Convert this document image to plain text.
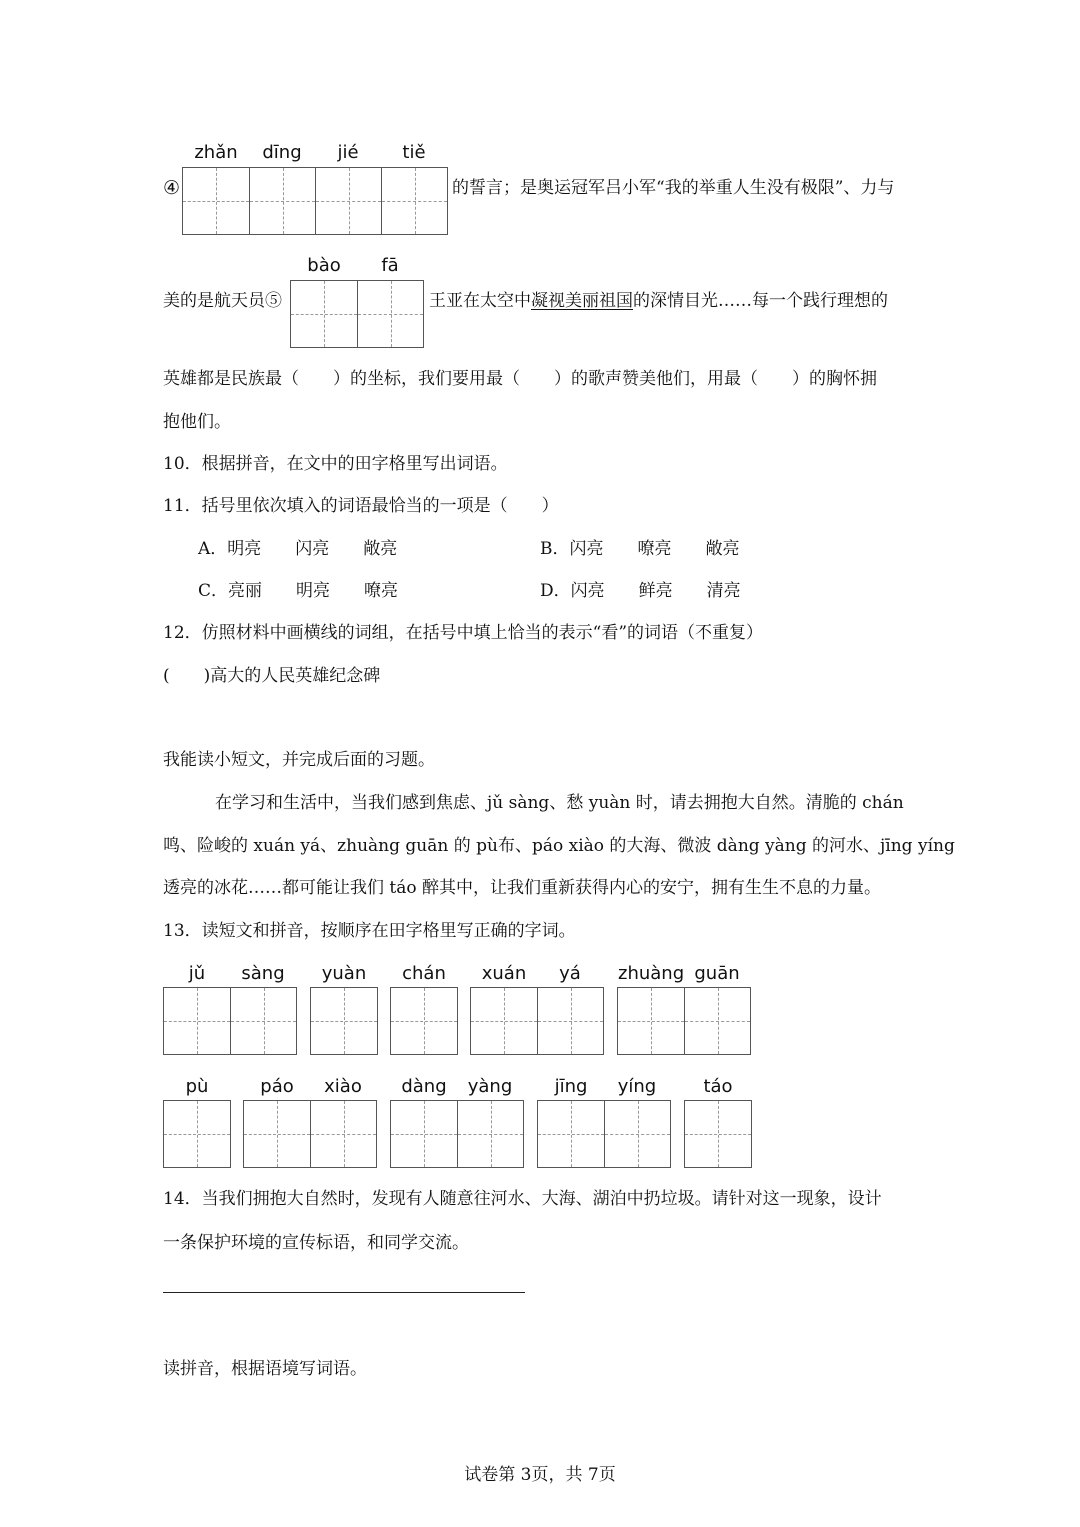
④
zhǎn	dīng	jié	tiě
的誓言；是奥运冠军吕小军“我的举重人生没有极限”、力与
美的是航天员⑤
bào	fā
王亚在太空中凝视美丽祖国的深情目光……每一个践行理想的
英雄都是民族最（　　）的坐标，我们要用最（　　）的歌声赞美他们，用最（　　）的胸怀拥
抱他们。
10．根据拼音，在文中的田字格里写出词语。
11．括号里依次填入的词语最恰当的一项是（　　）
A．明亮 闪亮 敞亮	B．闪亮 嘹亮 敞亮
C．亮丽 明亮 嘹亮	D．闪亮 鲜亮 清亮
12．仿照材料中画横线的词组，在括号中填上恰当的表示“看”的词语（不重复）
(　　)高大的人民英雄纪念碑
我能读小短文，并完成后面的习题。
在学习和生活中，当我们感到焦虑、jǔ sàng、愁 yuàn 时，请去拥抱大自然。清脆的 chán
鸣、险峻的 xuán yá、zhuàng guān 的 pù布、páo xiào 的大海、微波 dàng yàng 的河水、jīng yíng
透亮的冰花……都可能让我们 táo 醉其中，让我们重新获得内心的安宁，拥有生生不息的力量。
13．读短文和拼音，按顺序在田字格里写正确的字词。
jǔ	sàng	yuàn	chán	xuán	yá	zhuàng guān
pù	páo	xiào	dàng	yàng	jīng	yíng	táo
14．当我们拥抱大自然时，发现有人随意往河水、大海、湖泊中扔垃圾。请针对这一现象，设计
一条保护环境的宣传标语，和同学交流。
读拼音，根据语境写词语。
试卷第 3页，共 7页
